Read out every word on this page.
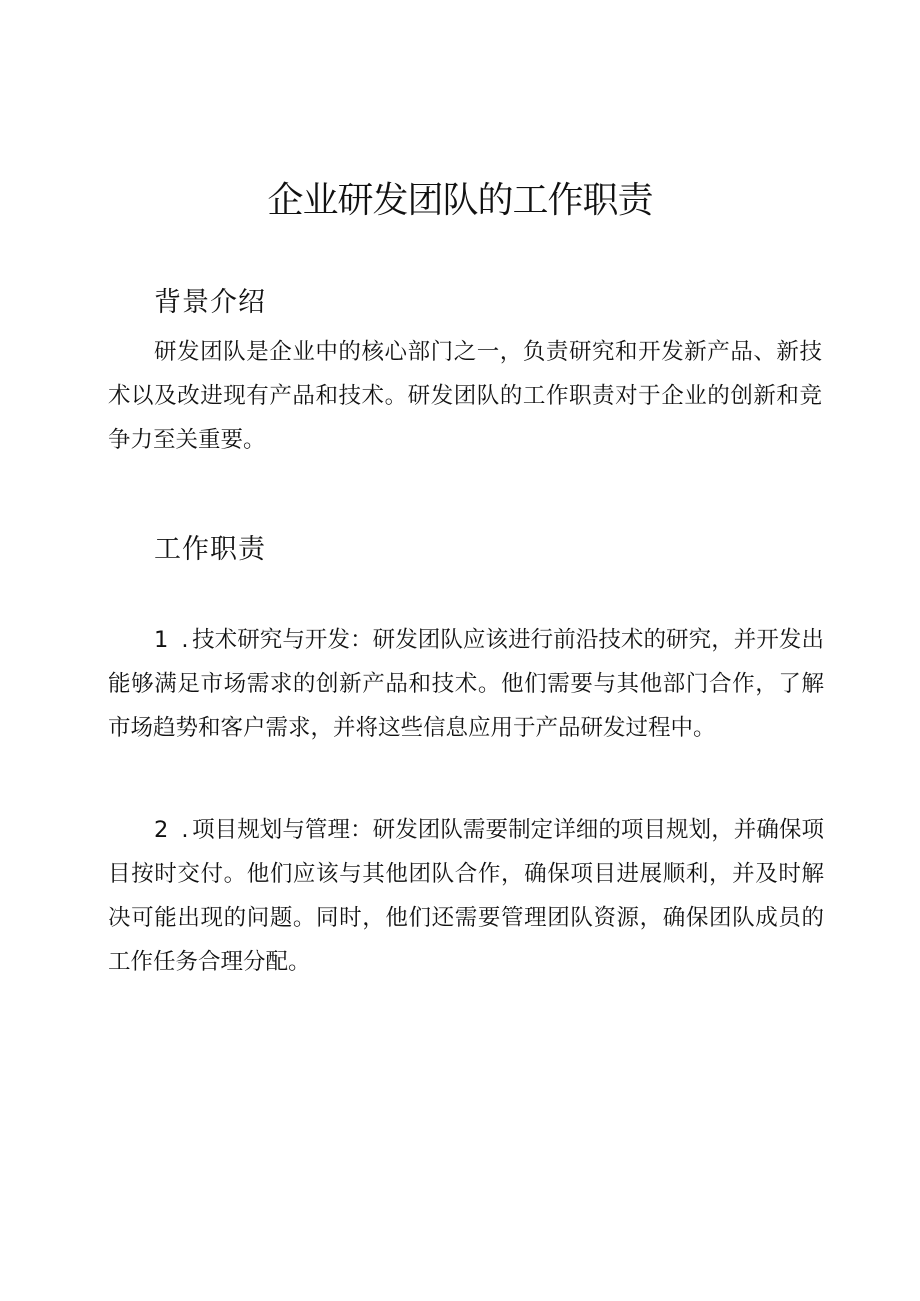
企业研发团队的工作职责
背景介绍

研发团队是企业中的核心部门之一，负责研究和开发新产品、新技术以及改进现有产品和技术。研发团队的工作职责对于企业的创新和竞争力至关重要。

工作职责

1 . 技术研究与开发：研发团队应该进行前沿技术的研究，并开发出能够满足市场需求的创新产品和技术。他们需要与其他部门合作，了解市场趋势和客户需求，并将这些信息应用于产品研发过程中。

2 . 项目规划与管理：研发团队需要制定详细的项目规划，并确保项目按时交付。他们应该与其他团队合作，确保项目进展顺利，并及时解决可能出现的问题。同时，他们还需要管理团队资源，确保团队成员的工作任务合理分配。
